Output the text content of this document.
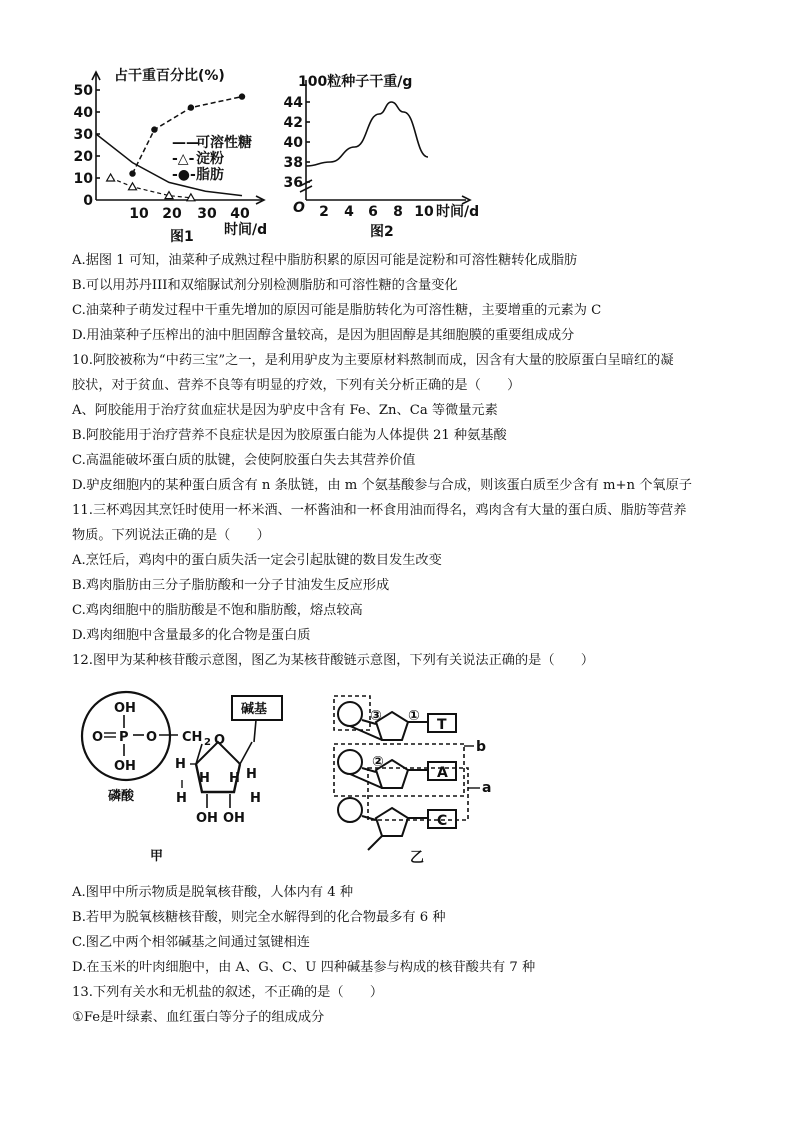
50
40
30
20
10
0
10 20 30 40
占干重百分比(%)
时间/d
图1
——
可溶性糖
-△- 淀粉
-●- 脂肪
44
42
40
38
36
O 2 4 6 8 10
100粒种子干重/g
时间/d
图2
A.据图 1 可知，油菜种子成熟过程中脂肪积累的原因可能是淀粉和可溶性糖转化成脂肪
B.可以用苏丹III和双缩脲试剂分别检测脂肪和可溶性糖的含量变化
C.油菜种子萌发过程中干重先增加的原因可能是脂肪转化为可溶性糖，主要增重的元素为 C
D.用油菜种子压榨出的油中胆固醇含量较高，是因为胆固醇是其细胞膜的重要组成成分
10.阿胶被称为“中药三宝”之一，是利用驴皮为主要原材料熬制而成，因含有大量的胶原蛋白呈暗红的凝
胶状，对于贫血、营养不良等有明显的疗效，下列有关分析正确的是（　　）
A、阿胶能用于治疗贫血症状是因为驴皮中含有 Fe、Zn、Ca 等微量元素
B.阿胶能用于治疗营养不良症状是因为胶原蛋白能为人体提供 21 种氨基酸
C.高温能破坏蛋白质的肽键，会使阿胶蛋白失去其营养价值
D.驴皮细胞内的某种蛋白质含有 n 条肽链，由 m 个氨基酸参与合成，则该蛋白质至少含有 m+n 个氧原子
11.三杯鸡因其烹饪时使用一杯米酒、一杯酱油和一杯食用油而得名，鸡肉含有大量的蛋白质、脂肪等营养
物质。下列说法正确的是（　　）
A.烹饪后，鸡肉中的蛋白质失活一定会引起肽键的数目发生改变
B.鸡肉脂肪由三分子脂肪酸和一分子甘油发生反应形成
C.鸡肉细胞中的脂肪酸是不饱和脂肪酸，熔点较高
D.鸡肉细胞中含量最多的化合物是蛋白质
12.图甲为某种核苷酸示意图，图乙为某核苷酸链示意图，下列有关说法正确的是（　　）
OH
O P O
OH
磷酸
CH 2 O
碱基
H
H
H H
H	H
OH OH
甲
③ ①
②
T
A
C
b
a
乙
A.图甲中所示物质是脱氧核苷酸，人体内有 4 种
B.若甲为脱氧核糖核苷酸，则完全水解得到的化合物最多有 6 种
C.图乙中两个相邻碱基之间通过氢键相连
D.在玉米的叶肉细胞中，由 A、G、C、U 四种碱基参与构成的核苷酸共有 7 种
13.下列有关水和无机盐的叙述，不正确的是（　　）
①Fe是叶绿素、血红蛋白等分子的组成成分
